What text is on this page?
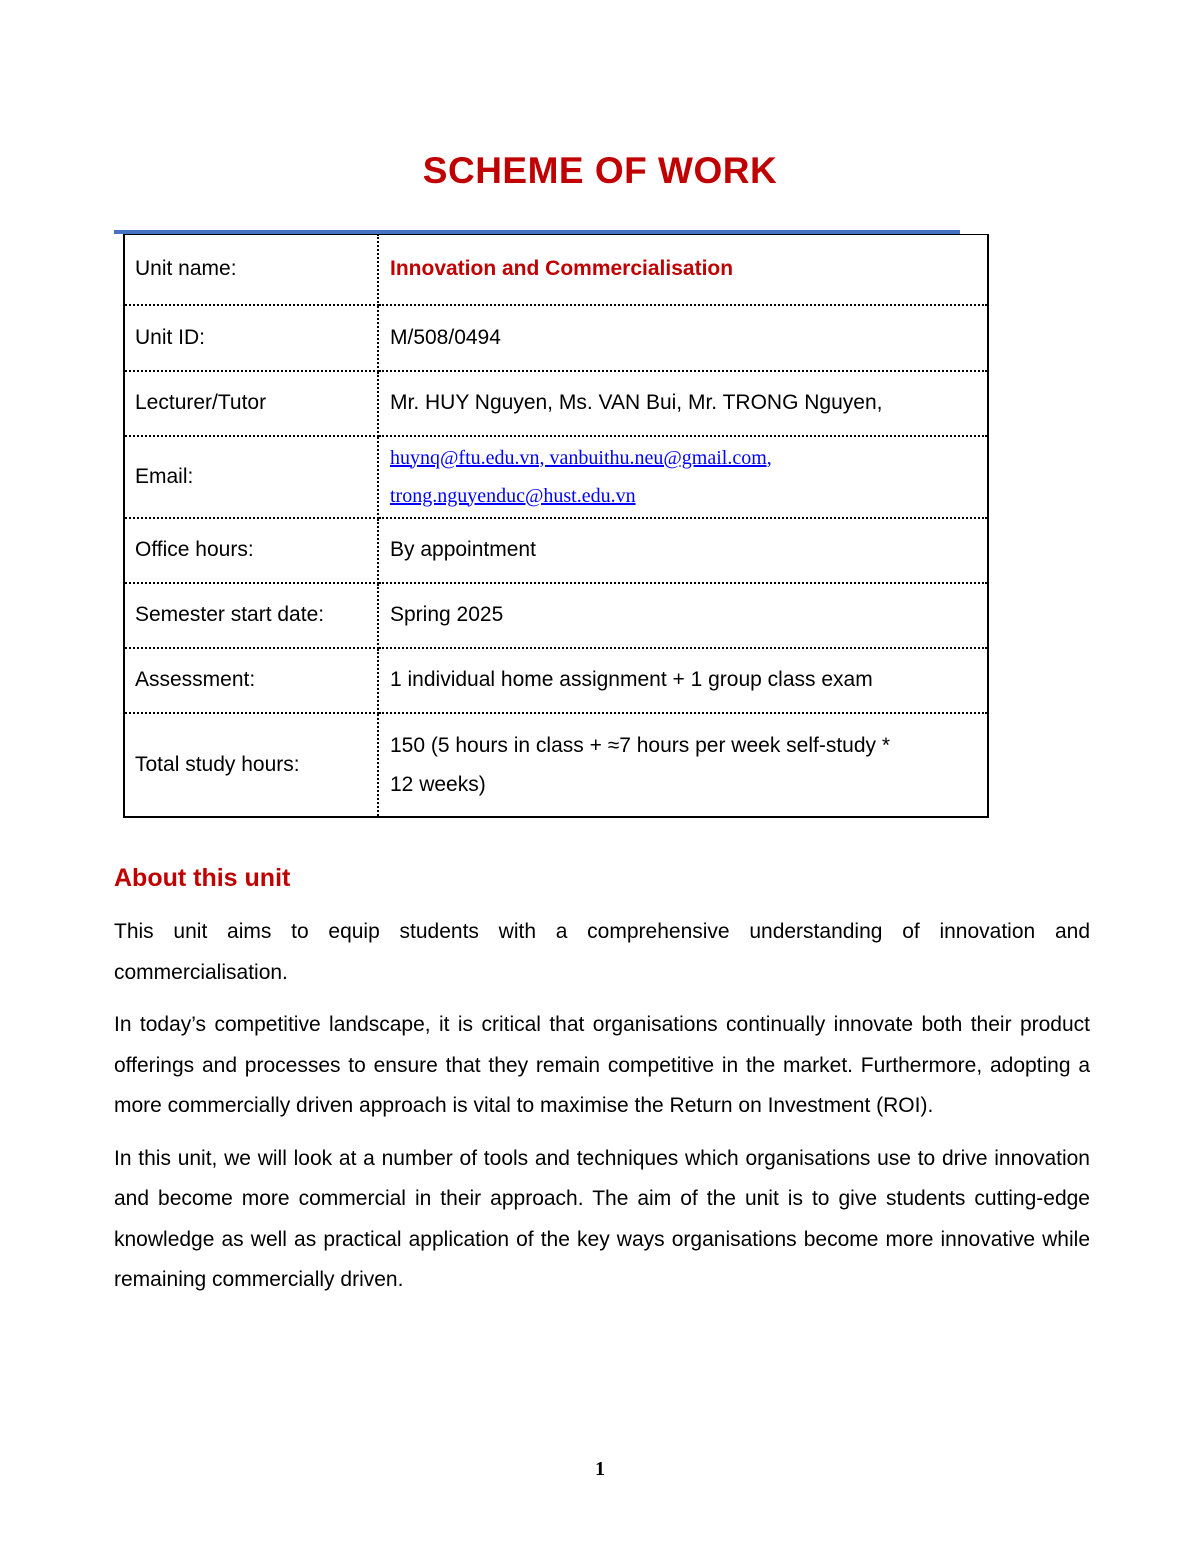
SCHEME OF WORK
Unit name:	Innovation and Commercialisation
Unit ID:	M/508/0494
Lecturer/Tutor	Mr. HUY Nguyen, Ms. VAN Bui, Mr. TRONG Nguyen,
Email:	huynq@ftu.edu.vn, vanbuithu.neu@gmail.com,
trong.nguyenduc@hust.edu.vn
Office hours:	By appointment
Semester start date:	Spring 2025
Assessment:	1 individual home assignment + 1 group class exam
Total study hours:	150 (5 hours in class + ≈7 hours per week self-study *
12 weeks)
About this unit

This unit aims to equip students with a comprehensive understanding of innovation and commercialisation.

In today’s competitive landscape, it is critical that organisations continually innovate both their product offerings and processes to ensure that they remain competitive in the market. Furthermore, adopting a more commercially driven approach is vital to maximise the Return on Investment (ROI).

In this unit, we will look at a number of tools and techniques which organisations use to drive innovation and become more commercial in their approach. The aim of the unit is to give students cutting-edge knowledge as well as practical application of the key ways organisations become more innovative while remaining commercially driven.

1
